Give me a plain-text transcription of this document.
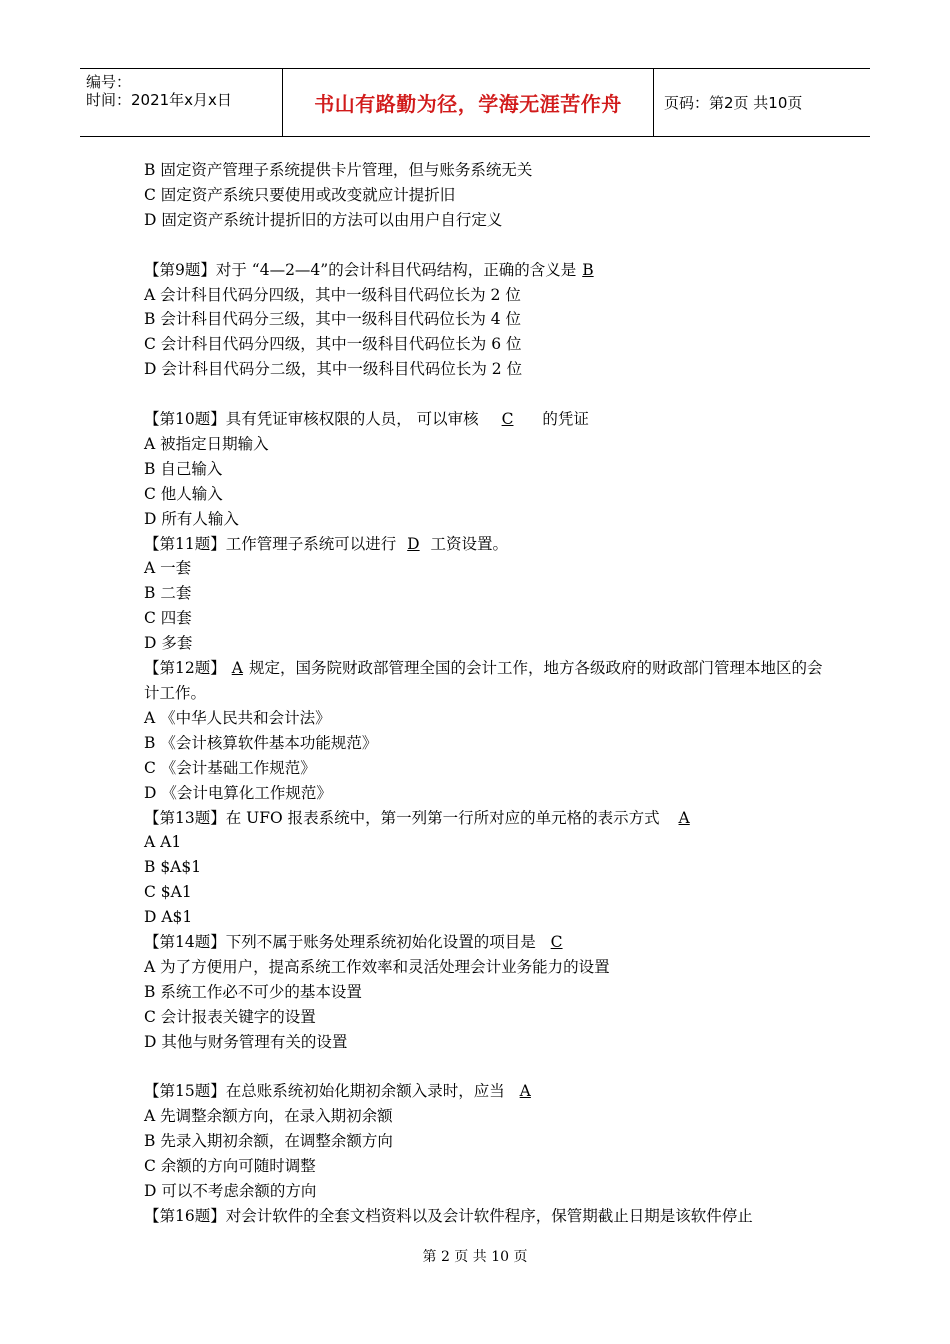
编号：
时间：2021年x月x日	书山有路勤为径，学海无涯苦作舟	页码：第2页 共10页
B 固定资产管理子系统提供卡片管理，但与账务系统无关
C 固定资产系统只要使用或改变就应计提折旧
D 固定资产系统计提折旧的方法可以由用户自行定义
【第9题】对于 “4—2—4”的会计科目代码结构，正确的含义是 B
A 会计科目代码分四级，其中一级科目代码位长为 2 位
B 会计科目代码分三级，其中一级科目代码位长为 4 位
C 会计科目代码分四级，其中一级科目代码位长为 6 位
D 会计科目代码分二级，其中一级科目代码位长为 2 位
【第10题】具有凭证审核权限的人员， 可以审核 C 的凭证
A 被指定日期输入
B 自己输入
C 他人输入
D 所有人输入
【第11题】工作管理子系统可以进行 D 工资设置。
A 一套
B 二套
C 四套
D 多套
【第12题】 A 规定，国务院财政部管理全国的会计工作，地方各级政府的财政部门管理本地区的会计工作。
A 《中华人民共和会计法》
B 《会计核算软件基本功能规范》
C 《会计基础工作规范》
D 《会计电算化工作规范》
【第13题】在 UFO 报表系统中，第一列第一行所对应的单元格的表示方式 A
A A1
B $A$1
C $A1
D A$1
【第14题】下列不属于账务处理系统初始化设置的项目是 C
A 为了方便用户，提高系统工作效率和灵活处理会计业务能力的设置
B 系统工作必不可少的基本设置
C 会计报表关键字的设置
D 其他与财务管理有关的设置
【第15题】在总账系统初始化期初余额入录时，应当 A
A 先调整余额方向，在录入期初余额
B 先录入期初余额，在调整余额方向
C 余额的方向可随时调整
D 可以不考虑余额的方向
【第16题】对会计软件的全套文档资料以及会计软件程序，保管期截止日期是该软件停止
第 2 页 共 10 页
